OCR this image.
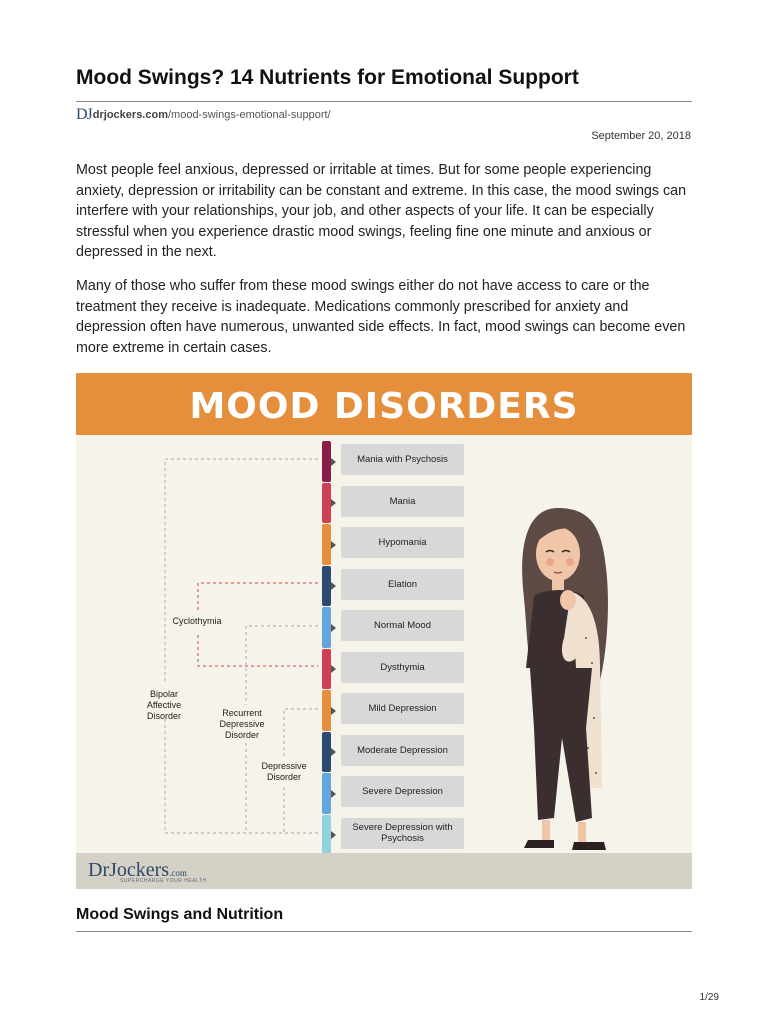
Mood Swings? 14 Nutrients for Emotional Support
DJ drjockers.com /mood-swings-emotional-support/
September 20, 2018

Most people feel anxious, depressed or irritable at times. But for some people experiencing anxiety, depression or irritability can be constant and extreme. In this case, the mood swings can interfere with your relationships, your job, and other aspects of your life. It can be especially stressful when you experience drastic mood swings, feeling fine one minute and anxious or depressed in the next.

Many of those who suffer from these mood swings either do not have access to care or the treatment they receive is inadequate. Medications commonly prescribed for anxiety and depression often have numerous, unwanted side effects. In fact, mood swings can become even more extreme in certain cases.

MOOD DISORDERS
Mania with Psychosis
Mania
Hypomania
Elation
Normal Mood
Dysthymia
Mild Depression
Moderate Depression
Severe Depression
Severe Depression with Psychosis
Cyclothymia
Bipolar Affective Disorder	Recurrent Depressive Disorder
Depressive Disorder
DrJockers.com
SUPERCHARGE YOUR HEALTH
Mood Swings and Nutrition
1/29
